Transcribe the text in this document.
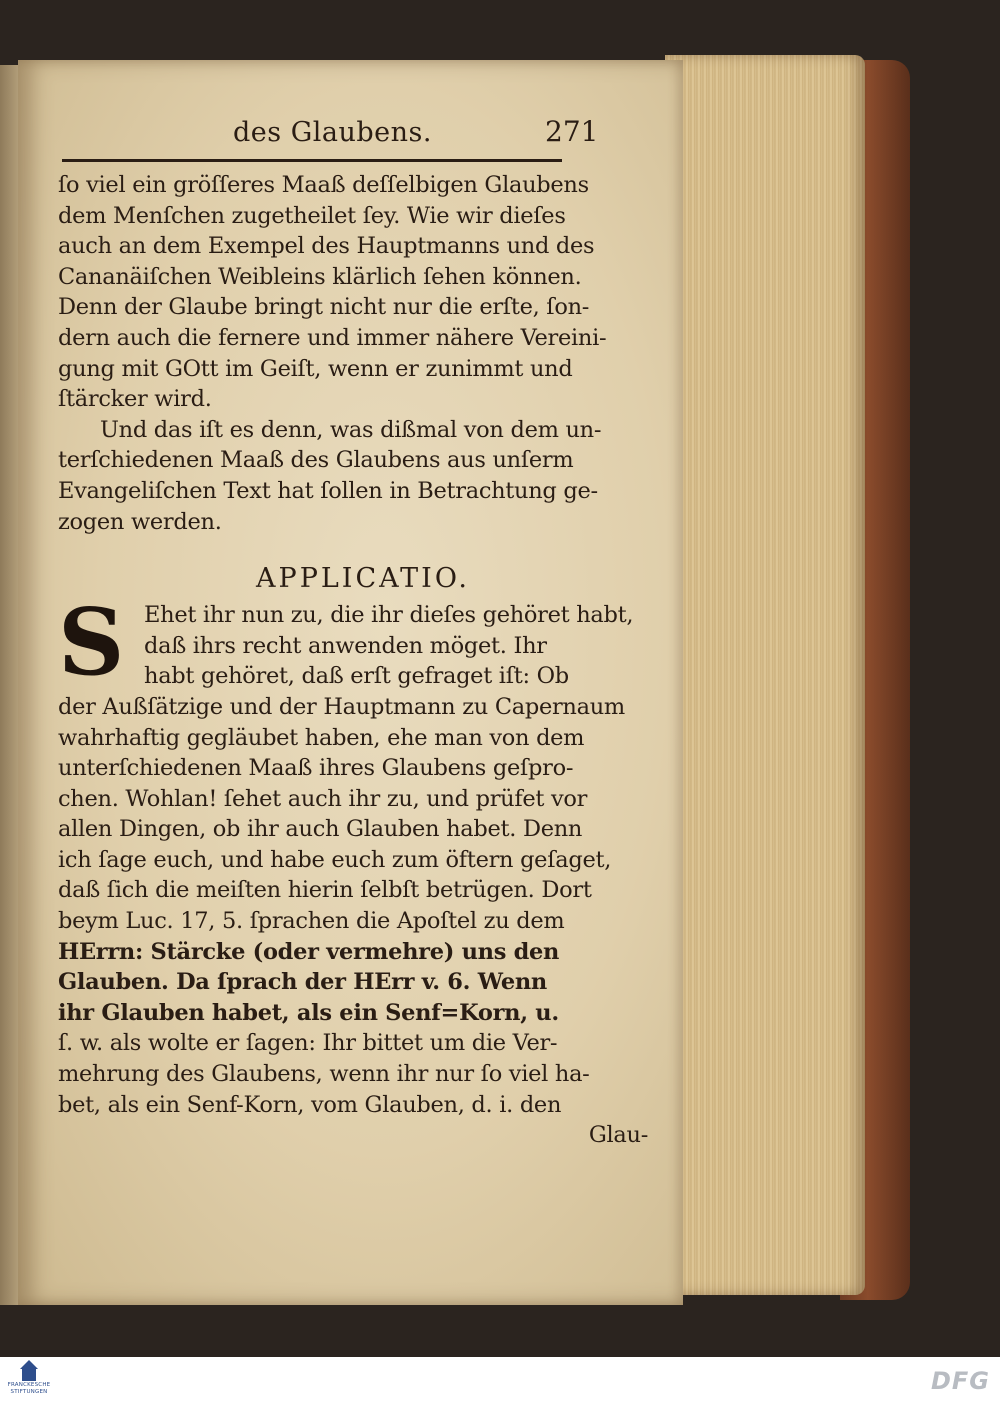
des Glaubens.	271
ſo viel ein gröſſeres Maaß deſſelbigen Glaubens
dem Menſchen zugetheilet ſey. Wie wir dieſes
auch an dem Exempel des Hauptmanns und des
Cananäiſchen Weibleins klärlich ſehen können.
Denn der Glaube bringt nicht nur die erſte, ſon-
dern auch die fernere und immer nähere Vereini-
gung mit GOtt im Geiſt, wenn er zunimmt und
ſtärcker wird.
Und das iſt es denn, was dißmal von dem un-
terſchiedenen Maaß des Glaubens aus unſerm
Evangeliſchen Text hat ſollen in Betrachtung ge-
zogen werden.
APPLICATIO.
S Ehet ihr nun zu, die ihr dieſes gehöret habt,
daß ihrs recht anwenden möget. Ihr
habt gehöret, daß erſt gefraget iſt: Ob
der Außſätzige und der Hauptmann zu Capernaum
wahrhaftig gegläubet haben, ehe man von dem
unterſchiedenen Maaß ihres Glaubens geſpro-
chen. Wohlan! ſehet auch ihr zu, und prüfet vor
allen Dingen, ob ihr auch Glauben habet. Denn
ich ſage euch, und habe euch zum öftern geſaget,
daß ſich die meiſten hierin ſelbſt betrügen. Dort
beym Luc. 17, 5. ſprachen die Apoſtel zu dem
HErrn: Stärcke (oder vermehre) uns den
Glauben. Da ſprach der HErr v. 6. Wenn
ihr Glauben habet, als ein Senf=Korn, u.
ſ. w. als wolte er ſagen: Ihr bittet um die Ver-
mehrung des Glaubens, wenn ihr nur ſo viel ha-
bet, als ein Senf-Korn, vom Glauben, d. i. den
Glau-
FRANCKESCHE
STIFTUNGEN	DFG
